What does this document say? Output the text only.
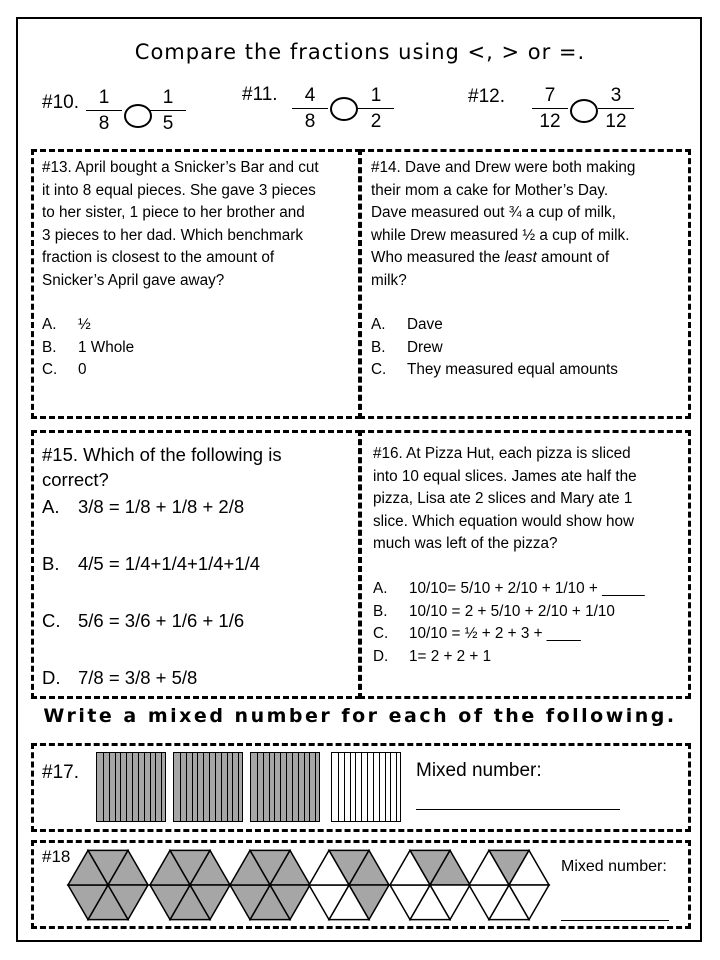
Compare the fractions using <, > or =.
#10.	1
8
1
5
#11.	4
8
1
2
#12.	7
12
3
12
#13. April bought a Snicker’s Bar and cut
it into 8 equal pieces. She gave 3 pieces
to her sister, 1 piece to her brother and
3 pieces to her dad. Which benchmark
fraction is closest to the amount of
Snicker’s April gave away?
A.	½
B.	1 Whole
C.	0
#14. Dave and Drew were both making
their mom a cake for Mother’s Day.
Dave measured out ¾ a cup of milk,
while Drew measured ½ a cup of milk.
Who measured the least amount of
milk?
A.	Dave
B.	Drew
C.	They measured equal amounts
#15. Which of the following is
correct?
A.	3/8 = 1/8 + 1/8 + 2/8
B.	4/5 = 1/4+1/4+1/4+1/4
C. 5/6 = 3/6 + 1/6 + 1/6
D. 7/8 = 3/8 + 5/8
#16. At Pizza Hut, each pizza is sliced
into 10 equal slices. James ate half the
pizza, Lisa ate 2 slices and Mary ate 1
slice. Which equation would show how
much was left of the pizza?
A.	10/10= 5/10 + 2/10 + 1/10 + _____
B.	10/10 = 2 + 5/10 + 2/10 + 1/10
C.	10/10 = ½ + 2 + 3 + ____
D.	1= 2 + 2 + 1
Write a mixed number for each of the following.
#17.	Mixed number:
#18
Mixed number:
